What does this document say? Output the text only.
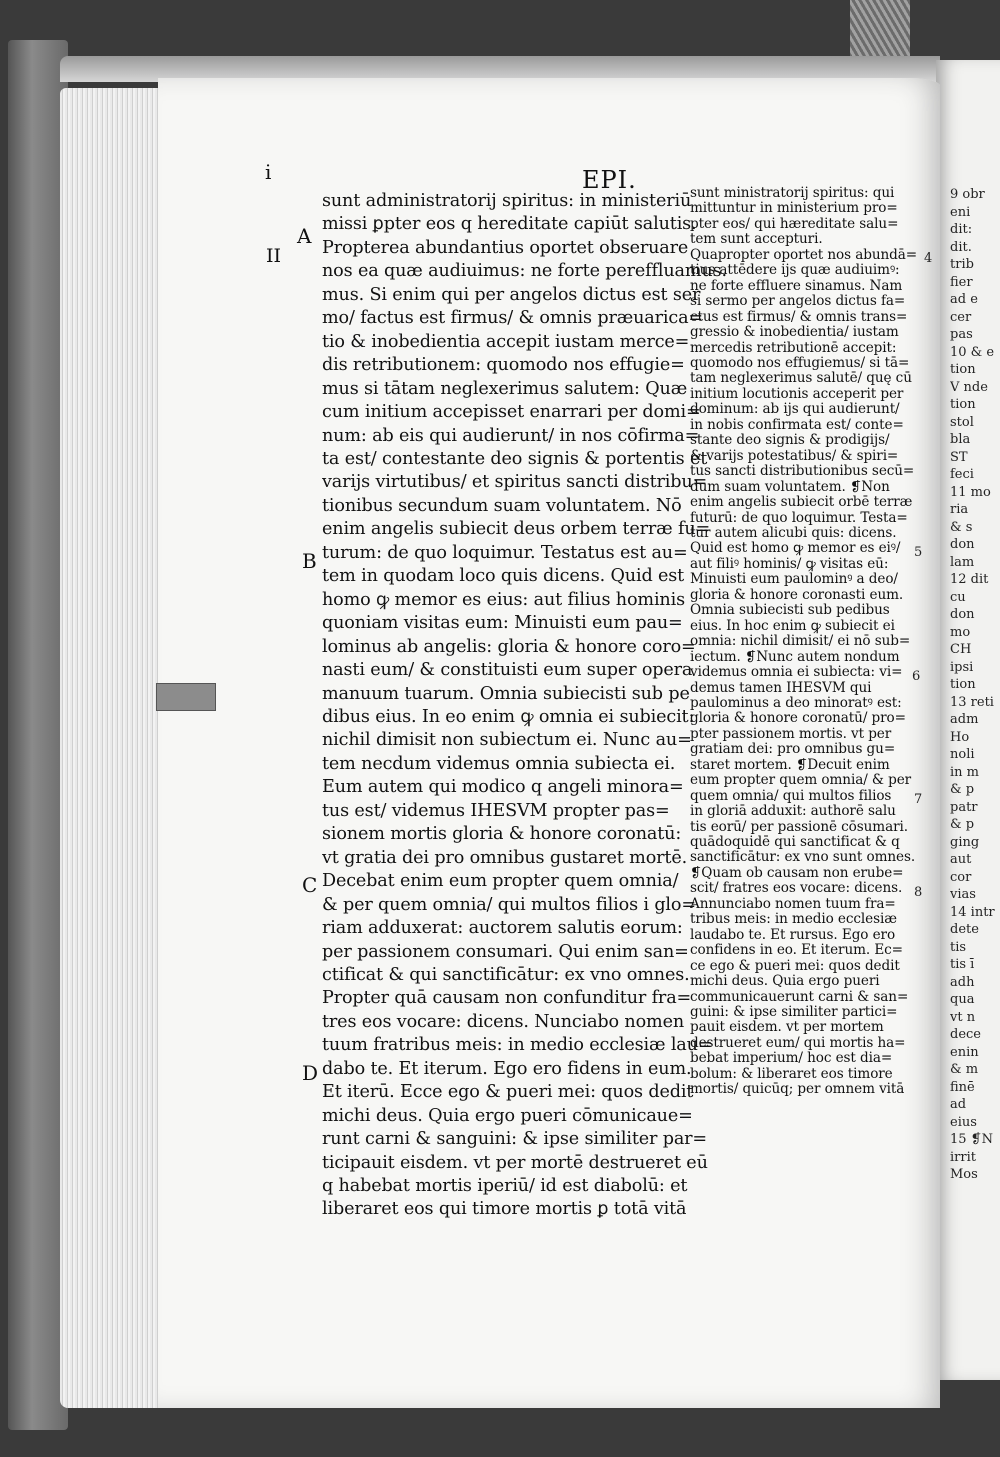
EPI.
i
II
A
B
C
D
sunt administratorij spiritus: in ministeriū
missi ꝑpter eos q hereditate capiūt salutis.
Propterea abundantius oportet obseruare
nos ea quæ audiuimus: ne forte pereffluamus.
mus. Si enim qui per angelos dictus est ser
mo/ factus est firmus/ & omnis præuarica=
tio & inobedientia accepit iustam merce=
dis retributionem: quomodo nos effugie=
mus si tātam neglexerimus salutem: Quæ
cum initium accepisset enarrari per domi=
num: ab eis qui audierunt/ in nos cōfirma=
ta est/ contestante deo signis & portentis et
varijs virtutibus/ et spiritus sancti distribu=
tionibus secundum suam voluntatem. Nō
enim angelis subiecit deus orbem terræ fu=
turum: de quo loquimur. Testatus est au=
tem in quodam loco quis dicens. Quid est
homo ꝙ memor es eius: aut filius hominis
quoniam visitas eum: Minuisti eum pau=
lominus ab angelis: gloria & honore coro=
nasti eum/ & constituisti eum super opera
manuum tuarum. Omnia subiecisti sub pe
dibus eius. In eo enim ꝙ omnia ei subiecit:
nichil dimisit non subiectum ei. Nunc au=
tem necdum videmus omnia subiecta ei.
Eum autem qui modico q angeli minora=
tus est/ videmus IHESVM propter pas=
sionem mortis gloria & honore coronatū:
vt gratia dei pro omnibus gustaret mortē.
Decebat enim eum propter quem omnia/
& per quem omnia/ qui multos filios i glo=
riam adduxerat: auctorem salutis eorum:
per passionem consumari. Qui enim san=
ctificat & qui sanctificātur: ex vno omnes.
Propter quā causam non confunditur fra=
tres eos vocare: dicens. Nunciabo nomen
tuum fratribus meis: in medio ecclesiæ lau=
dabo te. Et iterum. Ego ero fidens in eum.
Et iterū. Ecce ego & pueri mei: quos dedit
michi deus. Quia ergo pueri cōmunicaue=
runt carni & sanguini: & ipse similiter par=
ticipauit eisdem. vt per mortē destrueret eū
q habebat mortis iperiū/ id est diabolū: et
liberaret eos qui timore mortis ꝑ totā vitā
sunt ministratorij spiritus: qui
mittuntur in ministerium pro=
pter eos/ qui hæreditate salu=
tem sunt accepturi.
Quapropter oportet nos abundā=
tius attēdere ijs quæ audiuimꝰ:
ne forte effluere sinamus. Nam
si sermo per angelos dictus fa=
ctus est firmus/ & omnis trans=
gressio & inobedientia/ iustam
mercedis retributionē accepit:
quomodo nos effugiemus/ si tā=
tam neglexerimus salutē/ quę cū
initium locutionis acceperit per
dominum: ab ijs qui audierunt/
in nobis confirmata est/ conte=
stante deo signis & prodigijs/
& varijs potestatibus/ & spiri=
tus sancti distributionibus secū=
dum suam voluntatem. ❡Non
enim angelis subiecit orbē terræ
futurū: de quo loquimur. Testa=
tur autem alicubi quis: dicens.
Quid est homo ꝙ memor es eiꝰ/
aut filiꝰ hominis/ ꝙ visitas eū:
Minuisti eum paulominꝰ a deo/
gloria & honore coronasti eum.
Omnia subiecisti sub pedibus
eius. In hoc enim ꝙ subiecit ei
omnia: nichil dimisit/ ei nō sub=
iectum. ❡Nunc autem nondum
videmus omnia ei subiecta: vi=
demus tamen IHESVM qui
paulominus a deo minoratꝰ est:
gloria & honore coronatū/ pro=
pter passionem mortis. vt per
gratiam dei: pro omnibus gu=
staret mortem. ❡Decuit enim
eum propter quem omnia/ & per
quem omnia/ qui multos filios
in gloriā adduxit: authorē salu
tis eorū/ per passionē cōsumari.
quādoquidē qui sanctificat & q
sanctificātur: ex vno sunt omnes.
❡Quam ob causam non erube=
scit/ fratres eos vocare: dicens.
Annunciabo nomen tuum fra=
tribus meis: in medio ecclesiæ
laudabo te. Et rursus. Ego ero
confidens in eo. Et iterum. Ec=
ce ego & pueri mei: quos dedit
michi deus. Quia ergo pueri
communicauerunt carni & san=
guini: & ipse similiter partici=
pauit eisdem. vt per mortem
destrueret eum/ qui mortis ha=
bebat imperium/ hoc est dia=
bolum: & liberaret eos timore
mortis/ quicūq; per omnem vitā
9 obr
eni
dit:
dit.
trib
fier
ad e
cer
pas
10 & e
tion
V nde
tion
stol
bla
ST
feci
11 mo
ria
& s
don
lam
12 dit
cu
don
mo
CH
ipsi
tion
13 reti
adm
Ho
noli
in m
& p
patr
& p
ging
aut
cor
vias
14 intr
dete
tis
tis ī
adh
qua
vt n
dece
enin
& m
finē
ad
eius
15 ❡N
irrit
Mos
4
5
6
7
8
